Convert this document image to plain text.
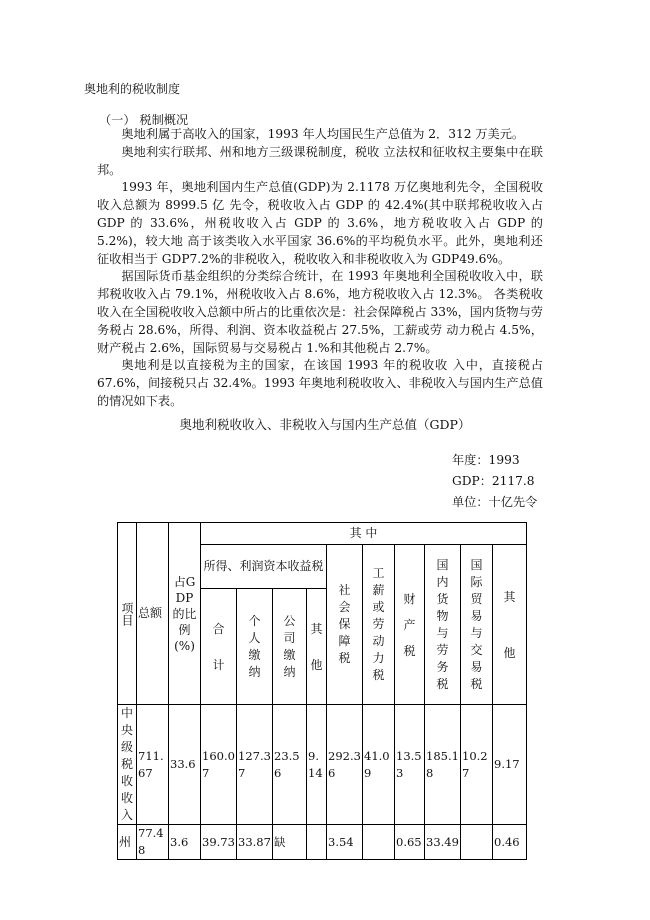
奥地利的税收制度
（一） 税制概况

奥地利属于高收入的国家，1993 年人均国民生产总值为 2．312 万美元。

奥地利实行联邦、州和地方三级课税制度，税收 立法权和征收权主要集中在联邦。

1993 年，奥地利国内生产总值(GDP)为 2.1178 万亿奥地利先令，全国税收收入总额为 8999.5 亿 先令，税收收入占 GDP 的 42.4%(其中联邦税收收入占 GDP 的 33.6%，州税收收入占 GDP 的 3.6%，地方税收收入占 GDP 的 5.2%)，较大地 高于该类收入水平国家 36.6%的平均税负水平。此外，奥地利还征收相当于 GDP7.2%的非税收入，税收收入和非税收收入为 GDP49.6%。

据国际货币基金组织的分类综合统计，在 1993 年奥地利全国税收收入中，联邦税收收入占 79.1%，州税收收入占 8.6%，地方税收收入占 12.3%。 各类税收收入在全国税收收入总额中所占的比重依次是：社会保障税占 33%，国内货物与劳务税占 28.6%，所得、利润、资本收益税占 27.5%，工薪或劳 动力税占 4.5%，财产税占 2.6%，国际贸易与交易税占 1.%和其他税占 2.7%。

奥地利是以直接税为主的国家，在该国 1993 年的税收收 入中，直接税占 67.6%，间接税只占 32.4%。1993 年奥地利税收收入、非税收入与国内生产总值的情况如下表。

奥地利税收收入、非税收入与国内生产总值（GDP）
年度：1993
GDP：2117.8
单位：十亿先令
项目	总额	占GDP的比例(%)	其 中									
			所得、利润资本收益税				社会保障税	工薪或劳动力税	财产税	国内货物与劳务税	国际贸易与交易税	其他

			合计	个人缴纳	公司缴纳	其他						

中央级税收收入	711.67	33.6	160.07	127.37	23.56	9.14	292.36	41.09	13.53	185.18	10.27	9.17
州	77.48	3.6	39.73	33.87	缺		3.54		0.65	33.49		0.46
